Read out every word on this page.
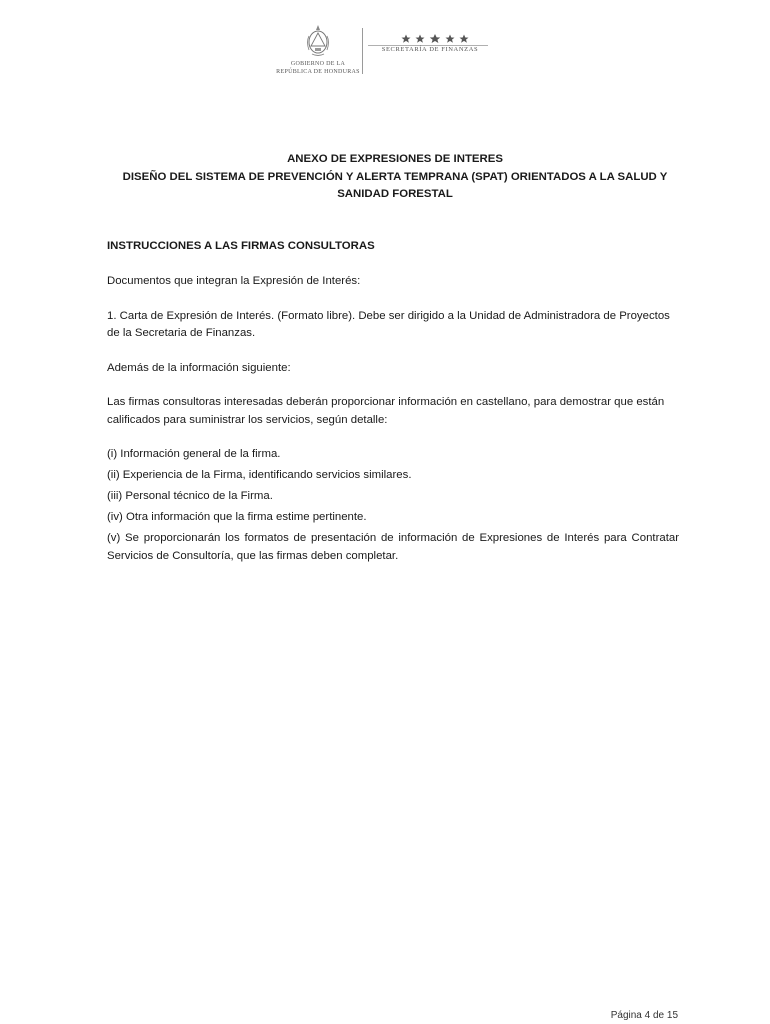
GOBIERNO DE LA
REPÚBLICA DE HONDURAS
SECRETARÍA DE FINANZAS
ANEXO DE EXPRESIONES DE INTERES
DISEÑO DEL SISTEMA DE PREVENCIÓN Y ALERTA TEMPRANA (SPAT) ORIENTADOS A LA SALUD Y
SANIDAD FORESTAL

INSTRUCCIONES A LAS FIRMAS CONSULTORAS

Documentos que integran la Expresión de Interés:

1. Carta de Expresión de Interés. (Formato libre). Debe ser dirigido a la Unidad de Administradora de Proyectos de la Secretaria de Finanzas.

Además de la información siguiente:

Las firmas consultoras interesadas deberán proporcionar información en castellano, para demostrar que están calificados para suministrar los servicios, según detalle:

(i) Información general de la firma.

(ii) Experiencia de la Firma, identificando servicios similares.

(iii) Personal técnico de la Firma.

(iv) Otra información que la firma estime pertinente.

(v) Se proporcionarán los formatos de presentación de información de Expresiones de Interés para Contratar Servicios de Consultoría, que las firmas deben completar.

Página 4 de 15
